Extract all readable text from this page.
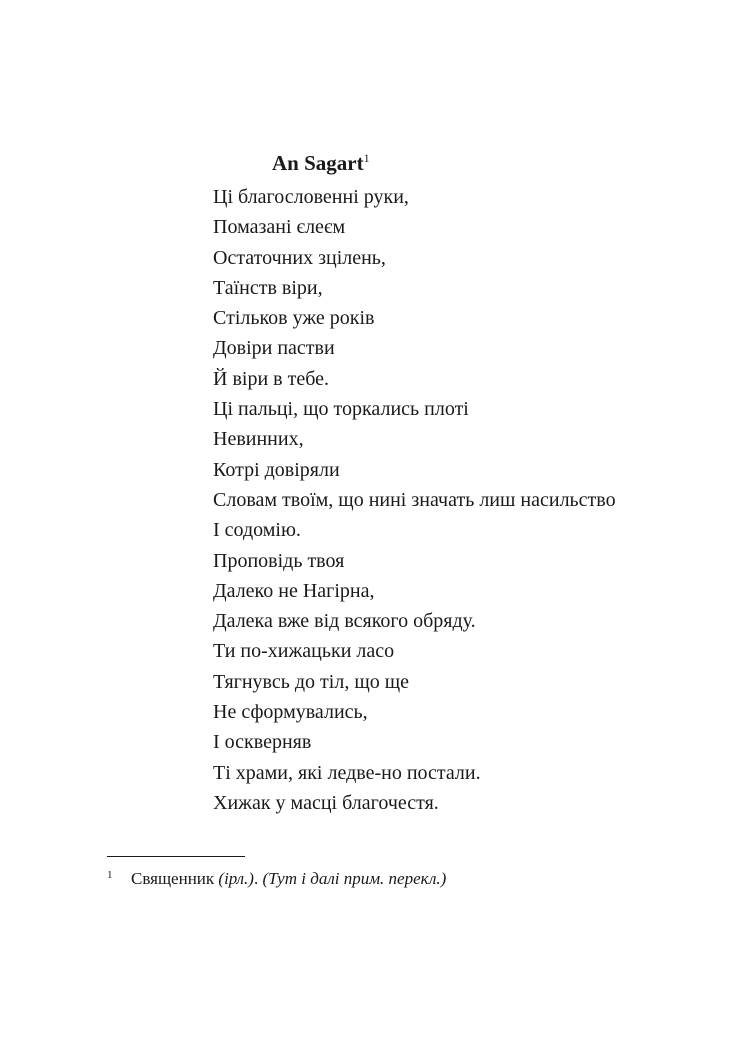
An Sagart$^1$
Ці благословенні руки,
Помазані єлеєм
Остаточних зцілень,
Таїнств віри,
Стільков уже років
Довіри пастви
Й віри в тебе.
Ці пальці, що торкались плоті
Невинних,
Котрі довіряли
Словам твоїм, що нині значать лиш насильство
І содомію.
Проповідь твоя
Далеко не Нагірна,
Далека вже від всякого обряду.
Ти по-хижацьки ласо
Тягнувсь до тіл, що ще
Не сформувались,
І оскверняв
Ті храми, які ледве-но постали.
Хижак у масці благочестя.
1 Священник (ірл.). (Тут і далі прим. перекл.)
